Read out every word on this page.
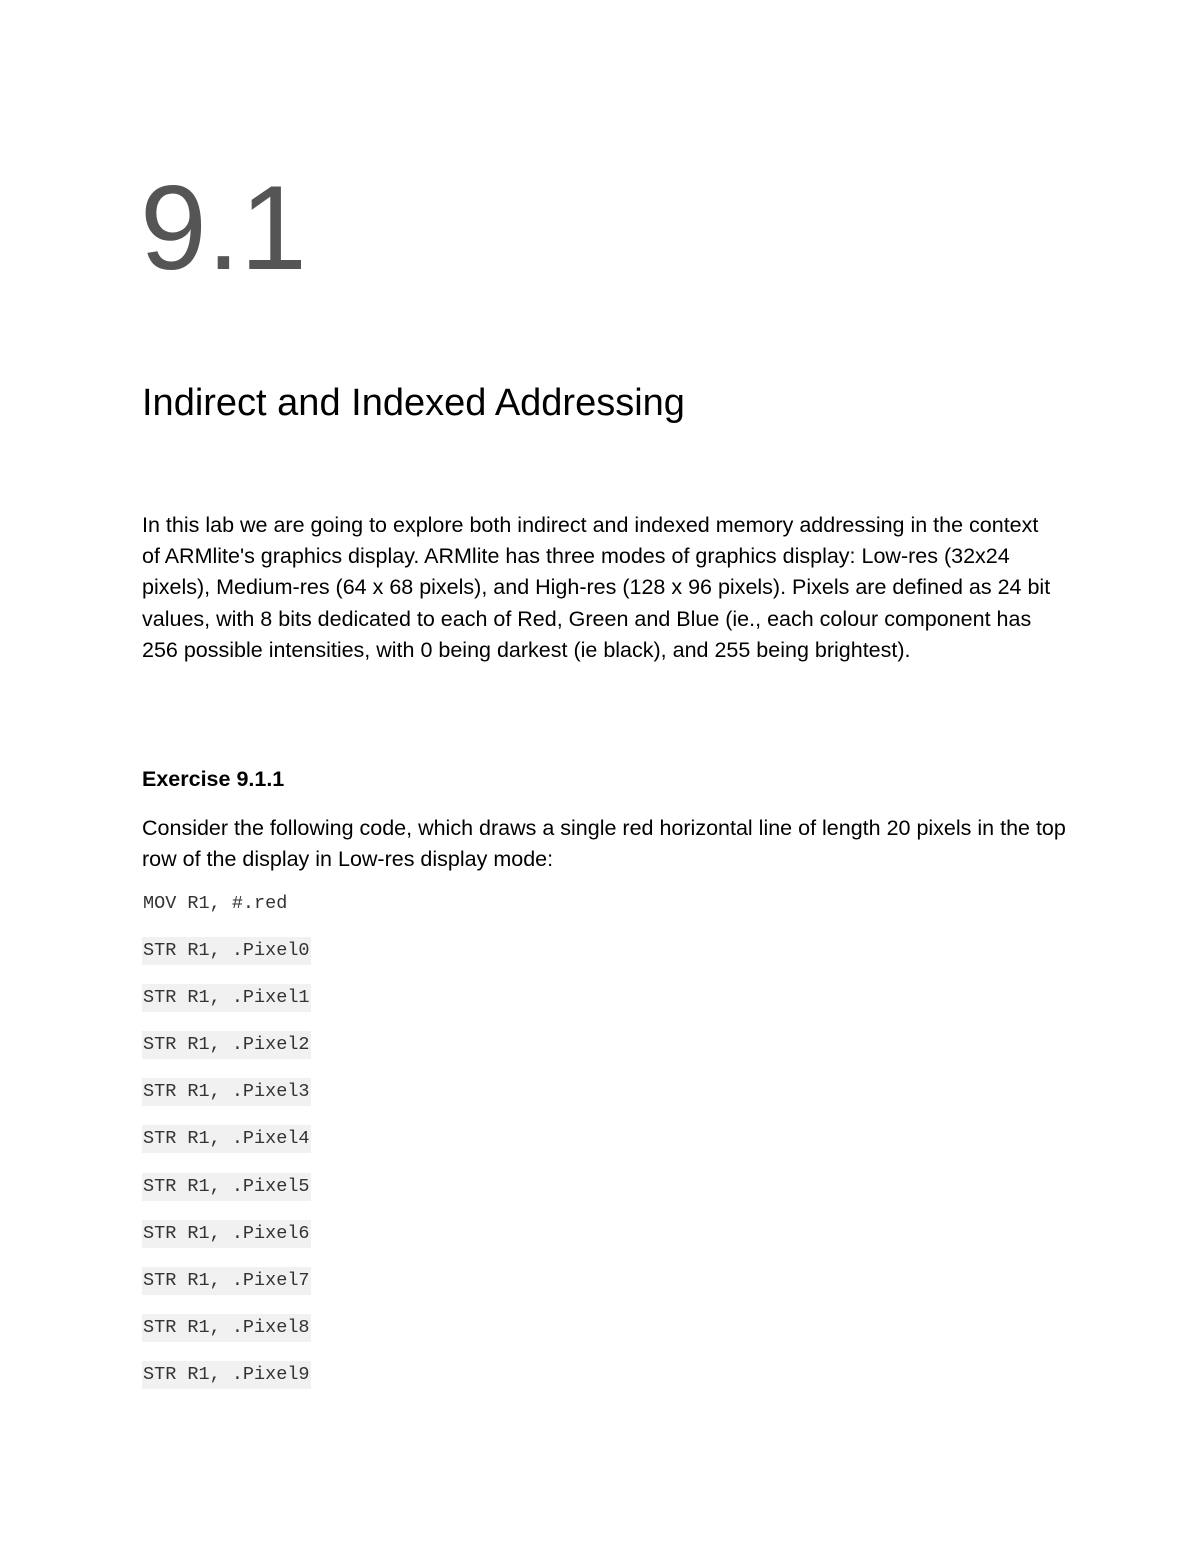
9.1
Indirect and Indexed Addressing

In this lab we are going to explore both indirect and indexed memory addressing in the context of ARMlite's graphics display. ARMlite has three modes of graphics display: Low-res (32x24 pixels), Medium-res (64 x 68 pixels), and High-res (128 x 96 pixels). Pixels are defined as 24 bit values, with 8 bits dedicated to each of Red, Green and Blue (ie., each colour component has 256 possible intensities, with 0 being darkest (ie black), and 255 being brightest).

Exercise 9.1.1

Consider the following code, which draws a single red horizontal line of length 20 pixels in the top row of the display in Low-res display mode:

MOV R1, #.red
STR R1, .Pixel0
STR R1, .Pixel1
STR R1, .Pixel2
STR R1, .Pixel3
STR R1, .Pixel4
STR R1, .Pixel5
STR R1, .Pixel6
STR R1, .Pixel7
STR R1, .Pixel8
STR R1, .Pixel9
